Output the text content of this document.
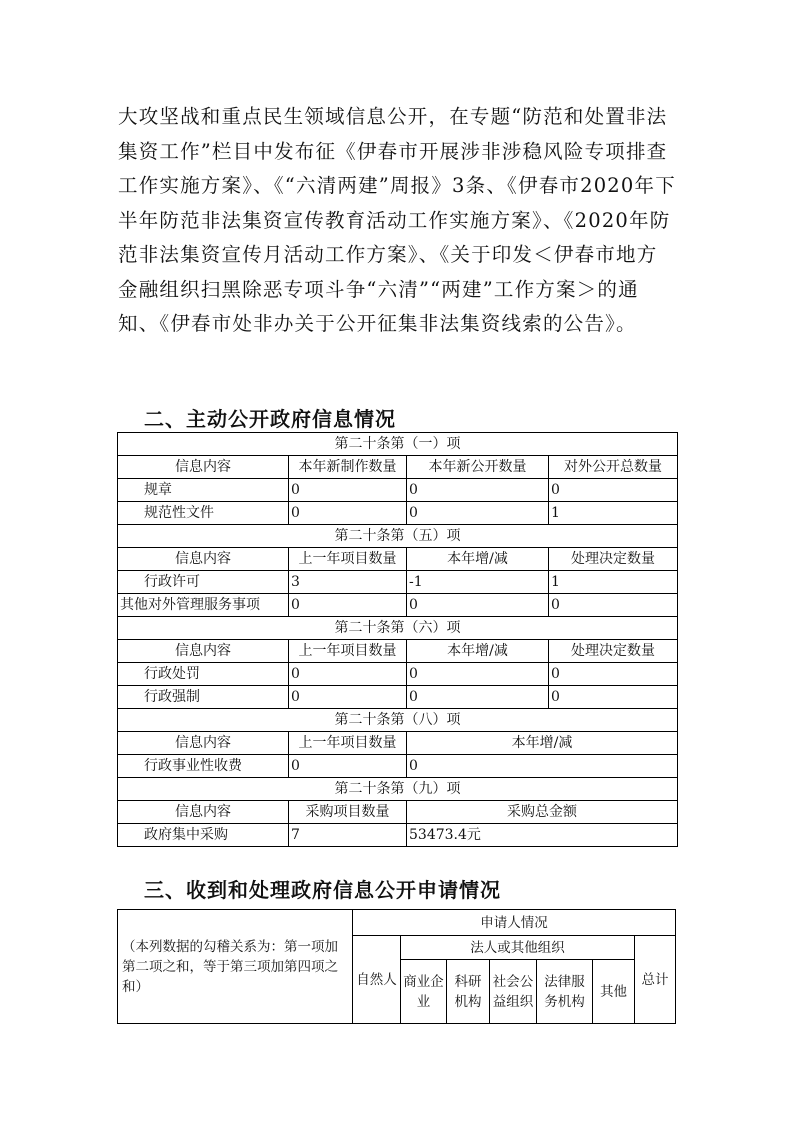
大攻坚战和重点民生领域信息公开，在专题“防范和处置非法集资工作”栏目中发布征《伊春市开展涉非涉稳风险专项排查工作实施方案》、《“六清两建”周报》3条、《伊春市2020年下半年防范非法集资宣传教育活动工作实施方案》、《2020年防范非法集资宣传月活动工作方案》、《关于印发＜伊春市地方金融组织扫黑除恶专项斗争“六清”“两建”工作方案＞的通知、《伊春市处非办关于公开征集非法集资线索的公告》。

二、主动公开政府信息情况
第二十条第（一）项			
信息内容	本年新制作数量	本年新公开数量	对外公开总数量
规章	0	0	0
规范性文件	0	0	1
第二十条第（五）项			
信息内容	上一年项目数量	本年增/减	处理决定数量
行政许可	3	-1	1
其他对外管理服务事项	0	0	0
第二十条第（六）项			
信息内容	上一年项目数量	本年增/减	处理决定数量
行政处罚	0	0	0
行政强制	0	0	0
第二十条第（八）项			
信息内容	上一年项目数量	本年增/减	
行政事业性收费	0	0	
第二十条第（九）项			
信息内容	采购项目数量	采购总金额	
政府集中采购	7	53473.4元	
三、收到和处理政府信息公开申请情况
（本列数据的勾稽关系为：第一项加第二项之和，等于第三项加第四项之和）	申请人情况						
	自然人	法人或其他组织					总计
		商业企业	科研机构	社会公益组织	法律服务机构	其他	
